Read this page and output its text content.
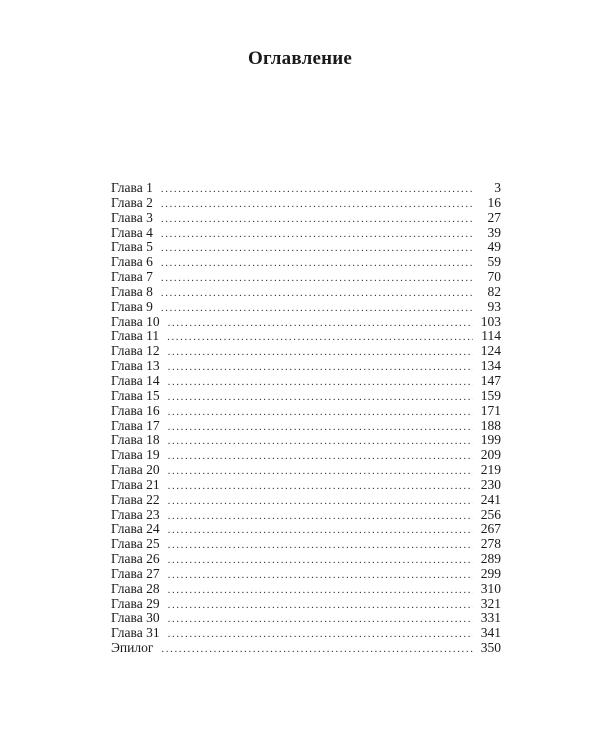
Оглавление
Глава 1 .....	3
Глава 2 .....	16
Глава 3 .....	27
Глава 4 .....	39
Глава 5 .....	49
Глава 6 .....	59
Глава 7 .....	70
Глава 8 .....	82
Глава 9 .....	93
Глава 10 .....	103
Глава 11 .....	114
Глава 12 .....	124
Глава 13 .....	134
Глава 14 .....	147
Глава 15 .....	159
Глава 16 .....	171
Глава 17 .....	188
Глава 18 .....	199
Глава 19 .....	209
Глава 20 .....	219
Глава 21 .....	230
Глава 22 .....	241
Глава 23 .....	256
Глава 24 .....	267
Глава 25 .....	278
Глава 26 .....	289
Глава 27 .....	299
Глава 28 .....	310
Глава 29 .....	321
Глава 30 .....	331
Глава 31 .....	341
Эпилог .....	350
